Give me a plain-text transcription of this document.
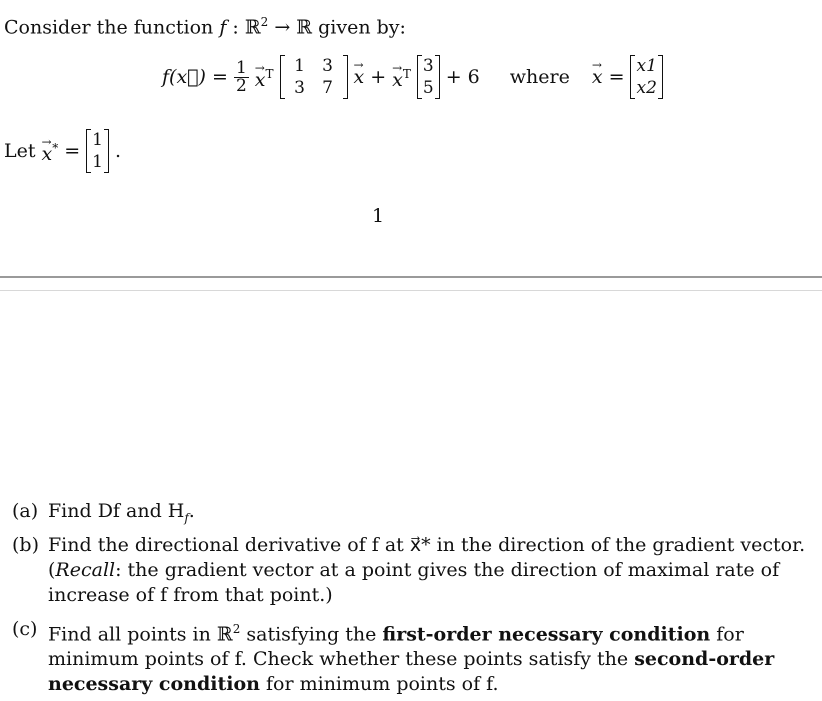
Consider the function f : ℝ$^2$ → ℝ given by:
f(x⃗) = $\frac{1}{2}$ x →$^T$	1 3
3 7	x → + x →$^T$ 3
5 + 6 where x → = x1
x2
Let x →* = 1
1 .
1
(a) Find Df and $H_f$.
(b) Find the directional derivative of f at x⃗* in the direction of the gradient vector.
(Recall: the gradient vector at a point gives the direction of maximal rate of increase of f from that point.)
(c) Find all points in ℝ$^2$ satisfying the first-order necessary condition for minimum points of f. Check whether these points satisfy the second-order necessary condition for minimum points of f.
